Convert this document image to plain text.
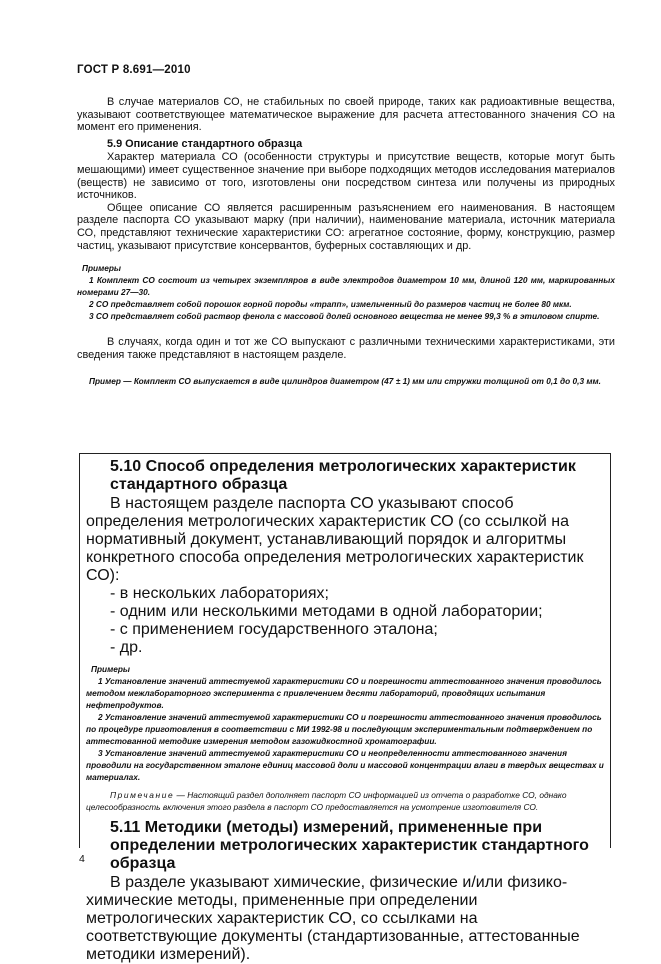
ГОСТ Р 8.691—2010

В случае материалов СО, не стабильных по своей природе, таких как радиоактивные вещества, указывают соответствующее математическое выражение для расчета аттестованного значения СО на момент его применения.

5.9 Описание стандартного образца

Характер материала СО (особенности структуры и присутствие веществ, которые могут быть мешающими) имеет существенное значение при выборе подходящих методов исследования материалов (веществ) не зависимо от того, изготовлены они посредством синтеза или получены из природных источников.

Общее описание СО является расширенным разъяснением его наименования. В настоящем разделе паспорта СО указывают марку (при наличии), наименование материала, источник материала СО, представляют технические характеристики СО: агрегатное состояние, форму, конструкцию, размер частиц, указывают присутствие консервантов, буферных составляющих и др.

Примеры

1 Комплект СО состоит из четырех экземпляров в виде электродов диаметром 10 мм, длиной 120 мм, маркированных номерами 27—30.

2 СО представляет собой порошок горной породы «трапп», измельченный до размеров частиц не более 80 мкм.

3 СО представляет собой раствор фенола с массовой долей основного вещества не менее 99,3 % в этиловом спирте.

В случаях, когда один и тот же СО выпускают с различными техническими характеристиками, эти сведения также представляют в настоящем разделе.

Пример — Комплект СО выпускается в виде цилиндров диаметром (47 ± 1) мм или стружки толщиной от 0,1 до 0,3 мм.

5.10 Способ определения метрологических характеристик стандартного образца

В настоящем разделе паспорта СО указывают способ определения метрологических характеристик СО (со ссылкой на нормативный документ, устанавливающий порядок и алгоритмы конкретного способа определения метрологических характеристик СО):

- в нескольких лабораториях;

- одним или несколькими методами в одной лаборатории;

- с применением государственного эталона;

- др.

Примеры

1 Установление значений аттестуемой характеристики СО и погрешности аттестованного значения проводилось методом межлабораторного эксперимента с привлечением десяти лабораторий, проводящих испытания нефтепродуктов.

2 Установление значений аттестуемой характеристики СО и погрешности аттестованного значения проводилось по процедуре приготовления в соответствии с МИ 1992-98 и последующим экспериментальным подтверждением по аттестованной методике измерения методом газожидкостной хроматографии.

3 Установление значений аттестуемой характеристики СО и неопределенности аттестованного значения проводили на государственном эталоне единиц массовой доли и массовой концентрации влаги в твердых веществах и материалах.

Примечание — Настоящий раздел дополняет паспорт СО информацией из отчета о разработке СО, однако целесообразность включения этого раздела в паспорт СО предоставляется на усмотрение изготовителя СО.

5.11 Методики (методы) измерений, примененные при определении метрологических характеристик стандартного образца

В разделе указывают химические, физические и/или физико-химические методы, примененные при определении метрологических характеристик СО, со ссылками на соответствующие документы (стандартизованные, аттестованные методики измерений).

4
